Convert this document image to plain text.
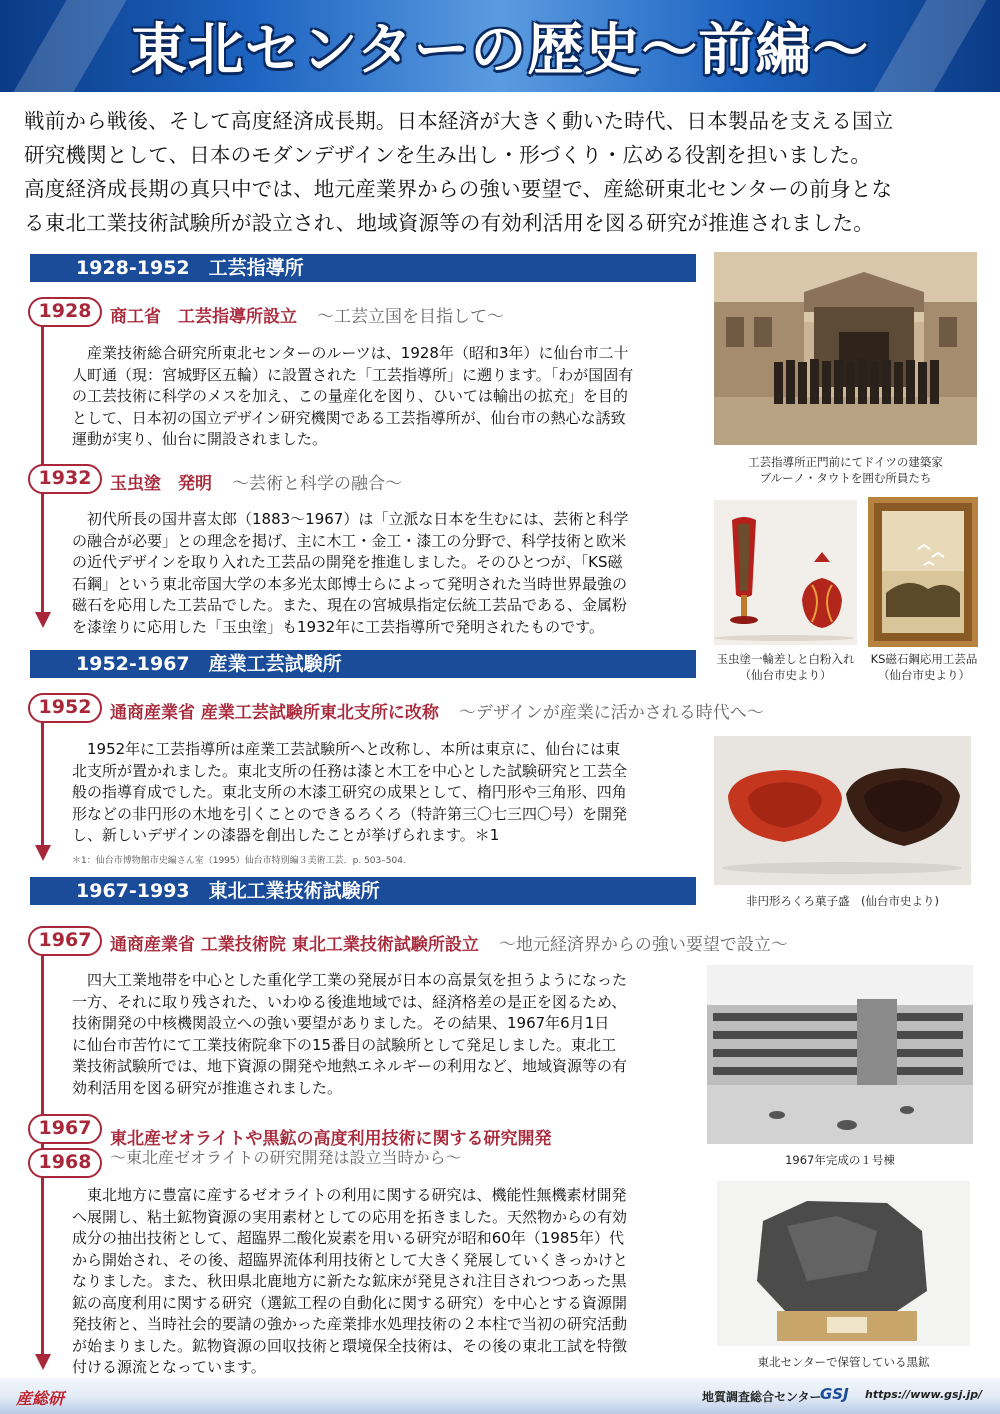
東北センターの歴史～前編～

戦前から戦後、そして高度経済成長期。日本経済が大きく動いた時代、日本製品を支える国立

研究機関として、日本のモダンデザインを生み出し・形づくり・広める役割を担いました。

高度経済成長期の真只中では、地元産業界からの強い要望で、産総研東北センターの前身とな

る東北工業技術試験所が設立され、地域資源等の有効利活用を図る研究が推進されました。

1928-1952　工芸指導所
1952-1967　産業工芸試験所
1967-1993　東北工業技術試験所
1928	商工省　工芸指導所設立 ～工芸立国を目指して～

　産業技術総合研究所東北センターのルーツは、1928年（昭和3年）に仙台市二十

人町通（現：宮城野区五輪）に設置された「工芸指導所」に遡ります。「わが国固有

の工芸技術に科学のメスを加え、この量産化を図り、ひいては輸出の拡充」を目的

として、日本初の国立デザイン研究機関である工芸指導所が、仙台市の熱心な誘致

運動が実り、仙台に開設されました。

1932	玉虫塗　発明 ～芸術と科学の融合～

　初代所長の国井喜太郎（1883～1967）は「立派な日本を生むには、芸術と科学

の融合が必要」との理念を掲げ、主に木工・金工・漆工の分野で、科学技術と欧米

の近代デザインを取り入れた工芸品の開発を推進しました。そのひとつが、「KS磁

石鋼」という東北帝国大学の本多光太郎博士らによって発明された当時世界最強の

磁石を応用した工芸品でした。また、現在の宮城県指定伝統工芸品である、金属粉

を漆塗りに応用した「玉虫塗」も1932年に工芸指導所で発明されたものです。

1952	通商産業省 産業工芸試験所東北支所に改称 ～デザインが産業に活かされる時代へ～

　1952年に工芸指導所は産業工芸試験所へと改称し、本所は東京に、仙台には東

北支所が置かれました。東北支所の任務は漆と木工を中心とした試験研究と工芸全

般の指導育成でした。東北支所の木漆工研究の成果として、楕円形や三角形、四角

形などの非円形の木地を引くことのできるろくろ（特許第三〇七三四〇号）を開発

し、新しいデザインの漆器を創出したことが挙げられます。＊1

＊1：仙台市博物館市史編さん室（1995）仙台市特別編３美術工芸．p. 503–504.
1967	通商産業省 工業技術院 東北工業技術試験所設立 ～地元経済界からの強い要望で設立～

　四大工業地帯を中心とした重化学工業の発展が日本の高景気を担うようになった

一方、それに取り残された、いわゆる後進地域では、経済格差の是正を図るため、

技術開発の中核機関設立への強い要望がありました。その結果、1967年6月1日

に仙台市苦竹にて工業技術院傘下の15番目の試験所として発足しました。東北工

業技術試験所では、地下資源の開発や地熱エネルギーの利用など、地域資源等の有

効利活用を図る研究が推進されました。

1967
1968
東北産ゼオライトや黒鉱の高度利用技術に関する研究開発
～東北産ゼオライトの研究開発は設立当時から～

　東北地方に豊富に産するゼオライトの利用に関する研究は、機能性無機素材開発

へ展開し、粘土鉱物資源の実用素材としての応用を拓きました。天然物からの有効

成分の抽出技術として、超臨界二酸化炭素を用いる研究が昭和60年（1985年）代

から開始され、その後、超臨界流体利用技術として大きく発展していくきっかけと

なりました。また、秋田県北鹿地方に新たな鉱床が発見され注目されつつあった黒

鉱の高度利用に関する研究（選鉱工程の自動化に関する研究）を中心とする資源開

発技術と、当時社会的要請の強かった産業排水処理技術の２本柱で当初の研究活動

が始まりました。鉱物資源の回収技術と環境保全技術は、その後の東北工試を特徴

付ける源流となっています。

工芸指導所正門前にてドイツの建築家
ブルーノ・タウトを囲む所員たち
玉虫塗一輪差しと白粉入れ
（仙台市史より）
KS磁石鋼応用工芸品
（仙台市史より）
非円形ろくろ菓子盛　(仙台市史より)
1967年完成の１号棟
東北センターで保管している黒鉱
産総研	地質調査総合センター
GSJ https://www.gsj.jp/
